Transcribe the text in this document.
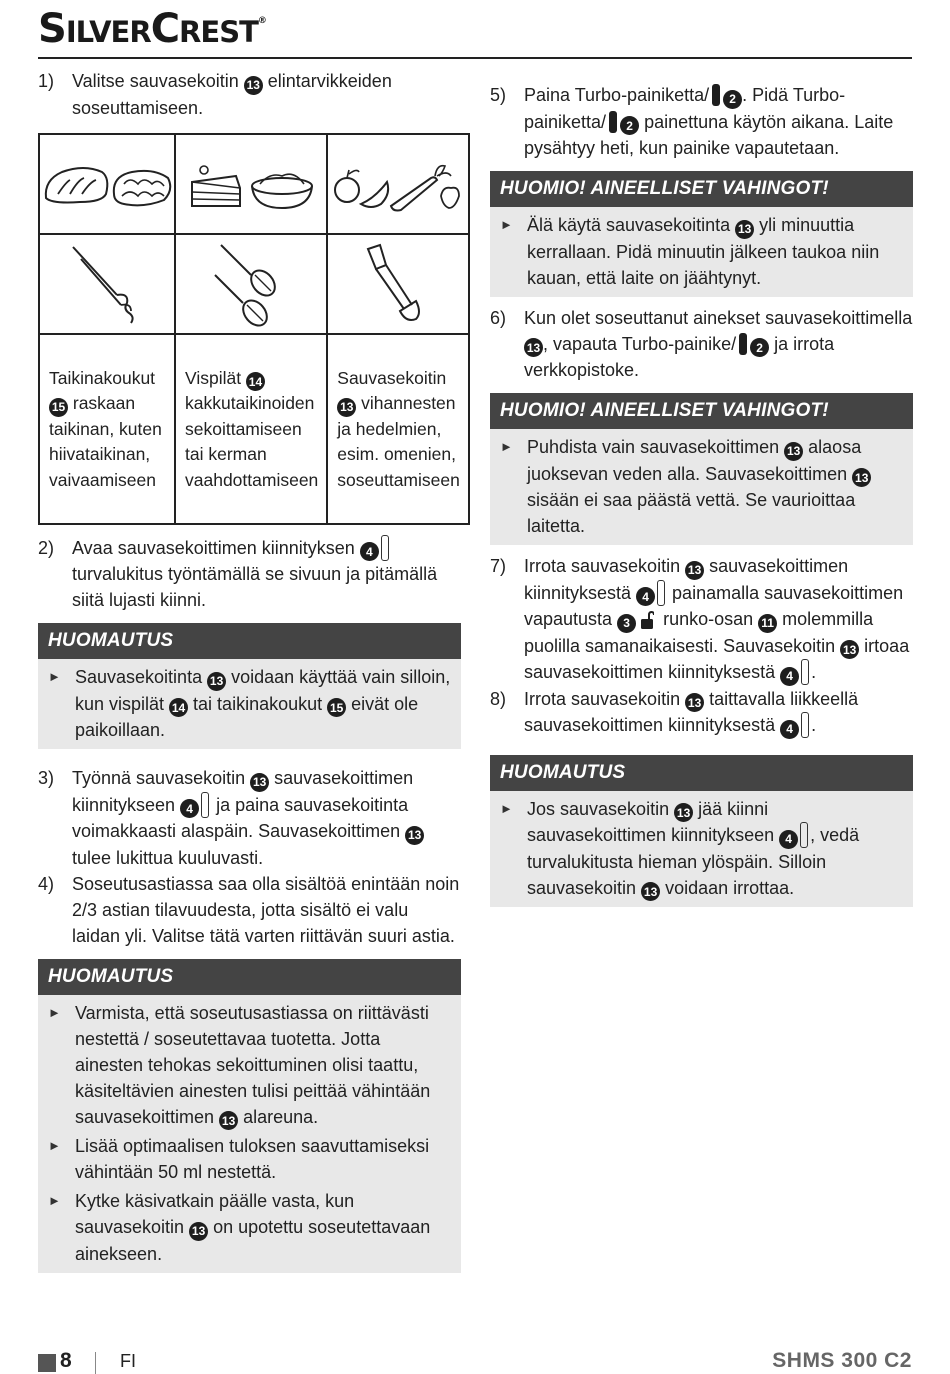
SILVERCREST®
1) Valitse sauvasekoitin 13 elintarvikkeiden soseuttamiseen.

Taikinakoukut 15 raskaan taikinan, kuten hiivataikinan, vaivaamiseen	Vispilät 14 kakkutaikinoiden sekoittamiseen tai kerman vaahdottamiseen	Sauvasekoitin 13 vihannesten ja hedelmien, esim. omenien, soseuttamiseen
2) Avaa sauvasekoittimen kiinnityksen 4 turvalukitus työntämällä se sivuun ja pitämällä siitä lujasti kiinni.
HUOMAUTUS
► Sauvasekoitinta 13 voidaan käyttää vain silloin, kun vispilät 14 tai taikinakoukut 15 eivät ole paikoillaan.
3) Työnnä sauvasekoitin 13 sauvasekoittimen kiinnitykseen 4 ja paina sauvasekoitinta voimakkaasti alaspäin. Sauvasekoittimen 13 tulee lukittua kuuluvasti.
4) Soseutusastiassa saa olla sisältöä enintään noin 2/3 astian tilavuudesta, jotta sisältö ei valu laidan yli. Valitse tätä varten riittävän suuri astia.
HUOMAUTUS
► Varmista, että soseutusastiassa on riittävästi nestettä / soseutettavaa tuotetta. Jotta ainesten tehokas sekoittuminen olisi taattu, käsiteltävien ainesten tulisi peittää vähintään sauvasekoittimen 13 alareuna.
► Lisää optimaalisen tuloksen saavuttamiseksi vähintään 50 ml nestettä.
► Kytke käsivatkain päälle vasta, kun sauvasekoitin 13 on upotettu soseutettavaan ainekseen.
5) Paina Turbo-painiketta/ 2 . Pidä Turbo-painiketta/ 2 painettuna käytön aikana. Laite pysähtyy heti, kun painike vapautetaan.
HUOMIO! AINEELLISET VAHINGOT!
► Älä käytä sauvasekoitinta 13 yli minuuttia kerrallaan. Pidä minuutin jälkeen taukoa niin kauan, että laite on jäähtynyt.
6) Kun olet soseuttanut ainekset sauvasekoittimella 13 , vapauta Turbo-painike/ 2 ja irrota verkkopistoke.
HUOMIO! AINEELLISET VAHINGOT!
► Puhdista vain sauvasekoittimen 13 alaosa juoksevan veden alla. Sauvasekoittimen 13 sisään ei saa päästä vettä. Se vaurioittaa laitetta.
7) Irrota sauvasekoitin 13 sauvasekoittimen kiinnityksestä 4 painamalla sauvasekoittimen vapautusta 3 runko-osan 11 molemmilla puolilla samanaikaisesti. Sauvasekoitin 13 irtoaa sauvasekoittimen kiinnityksestä 4 .
8) Irrota sauvasekoitin 13 taittavalla liikkeellä sauvasekoittimen kiinnityksestä 4 .
HUOMAUTUS
► Jos sauvasekoitin 13 jää kiinni sauvasekoittimen kiinnitykseen 4 , vedä turvalukitusta hieman ylöspäin. Silloin sauvasekoitin 13 voidaan irrottaa.
8	FI	SHMS 300 C2
